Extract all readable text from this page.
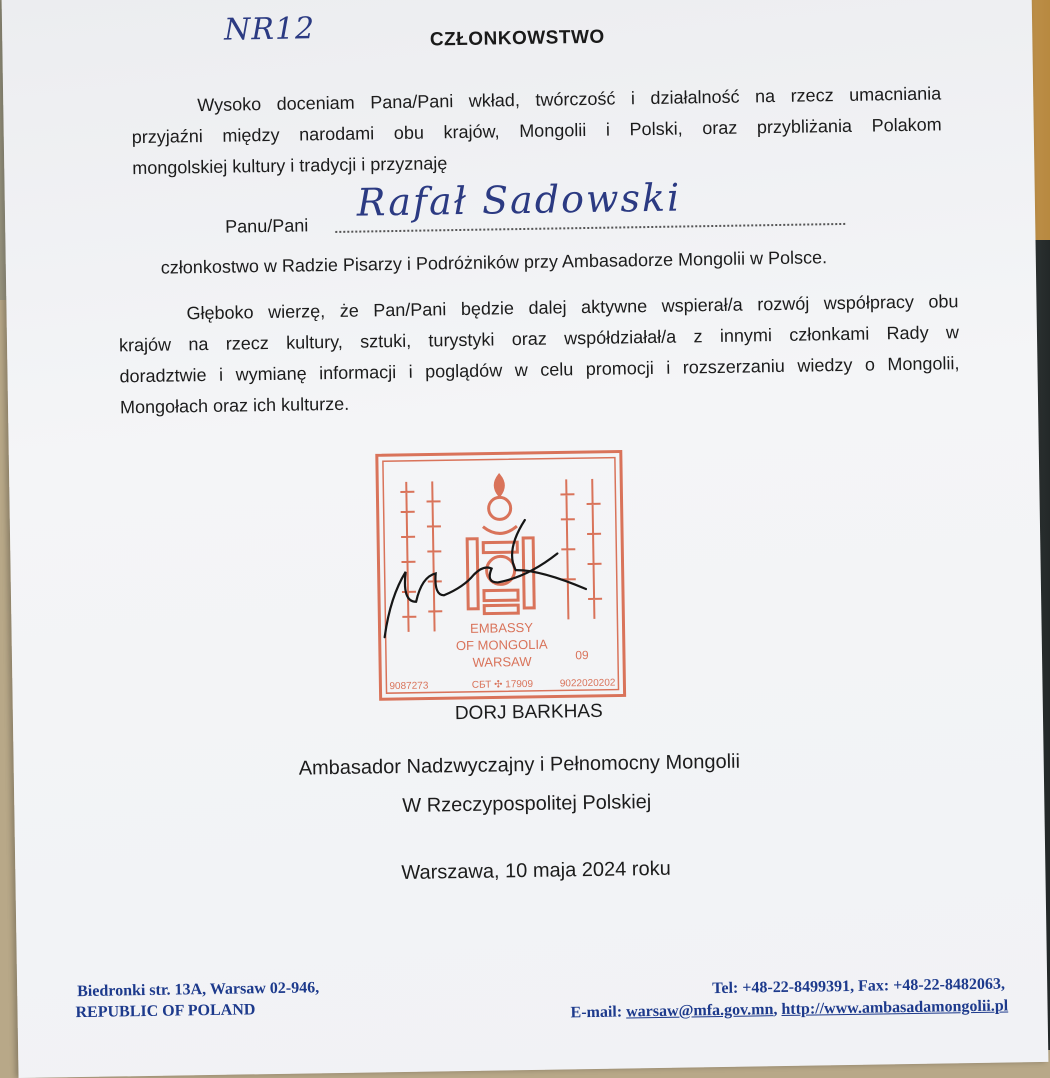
NR12	CZŁONKOWSTWO
Wysoko doceniam Pana/Pani wkład, twórczość i działalność na rzecz umacniania
przyjaźni między narodami obu krajów, Mongolii i Polski, oraz przybliżania Polakom
mongolskiej kultury i tradycji i przyznaję
Panu/Pani
Rafał Sadowski
członkostwo w Radzie Pisarzy i Podróżników przy Ambasadorze Mongolii w Polsce.
Głęboko wierzę, że Pan/Pani będzie dalej aktywne wspierał/a rozwój współpracy obu
krajów na rzecz kultury, sztuki, turystyki oraz współdziałał/a z innymi członkami Rady w
doradztwie i wymianę informacji i poglądów w celu promocji i rozszerzaniu wiedzy o Mongolii,
Mongołach oraz ich kulturze.
EMBASSY
OF MONGOLIA
WARSAW	09
9087273	СБТ ✣ 17909	9022020202
DORJ BARKHAS
Ambasador Nadzwyczajny i Pełnomocny Mongolii
W Rzeczypospolitej Polskiej
Warszawa, 10 maja 2024 roku
Biedronki str. 13A, Warsaw 02-946,
REPUBLIC OF POLAND
Tel: +48-22-8499391, Fax: +48-22-8482063,
E-mail: warsaw@mfa.gov.mn, http://www.ambasadamongolii.pl
